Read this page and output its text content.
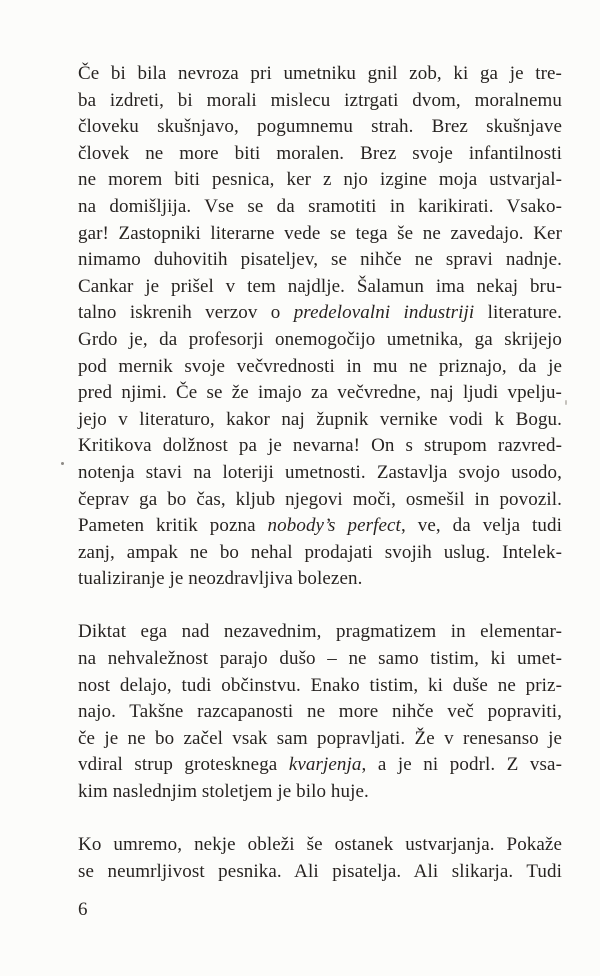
Če bi bila nevroza pri umetniku gnil zob, ki ga je tre-
ba izdreti, bi morali mislecu iztrgati dvom, moralnemu
človeku skušnjavo, pogumnemu strah. Brez skušnjave
človek ne more biti moralen. Brez svoje infantilnosti
ne morem biti pesnica, ker z njo izgine moja ustvarjal-
na domišljija. Vse se da sramotiti in karikirati. Vsako-
gar! Zastopniki literarne vede se tega še ne zavedajo. Ker
nimamo duhovitih pisateljev, se nihče ne spravi nadnje.
Cankar je prišel v tem najdlje. Šalamun ima nekaj bru-
talno iskrenih verzov o predelovalni industriji literature.
Grdo je, da profesorji onemogočijo umetnika, ga skrijejo
pod mernik svoje večvrednosti in mu ne priznajo, da je
pred njimi. Če se že imajo za večvredne, naj ljudi vpelju-
jejo v literaturo, kakor naj župnik vernike vodi k Bogu.
Kritikova dolžnost pa je nevarna! On s strupom razvred-
notenja stavi na loteriji umetnosti. Zastavlja svojo usodo,
čeprav ga bo čas, kljub njegovi moči, osmešil in povozil.
Pameten kritik pozna nobody’s perfect, ve, da velja tudi
zanj, ampak ne bo nehal prodajati svojih uslug. Intelek-
tualiziranje je neozdravljiva bolezen.

Diktat ega nad nezavednim, pragmatizem in elementar-
na nehvaležnost parajo dušo – ne samo tistim, ki umet-
nost delajo, tudi občinstvu. Enako tistim, ki duše ne priz-
najo. Takšne razcapanosti ne more nihče več popraviti,
če je ne bo začel vsak sam popravljati. Že v renesanso je
vdiral strup grotesknega kvarjenja, a je ni podrl. Z vsa-
kim naslednjim stoletjem je bilo huje.

Ko umremo, nekje obleži še ostanek ustvarjanja. Pokaže
se neumrljivost pesnika. Ali pisatelja. Ali slikarja. Tudi

6
